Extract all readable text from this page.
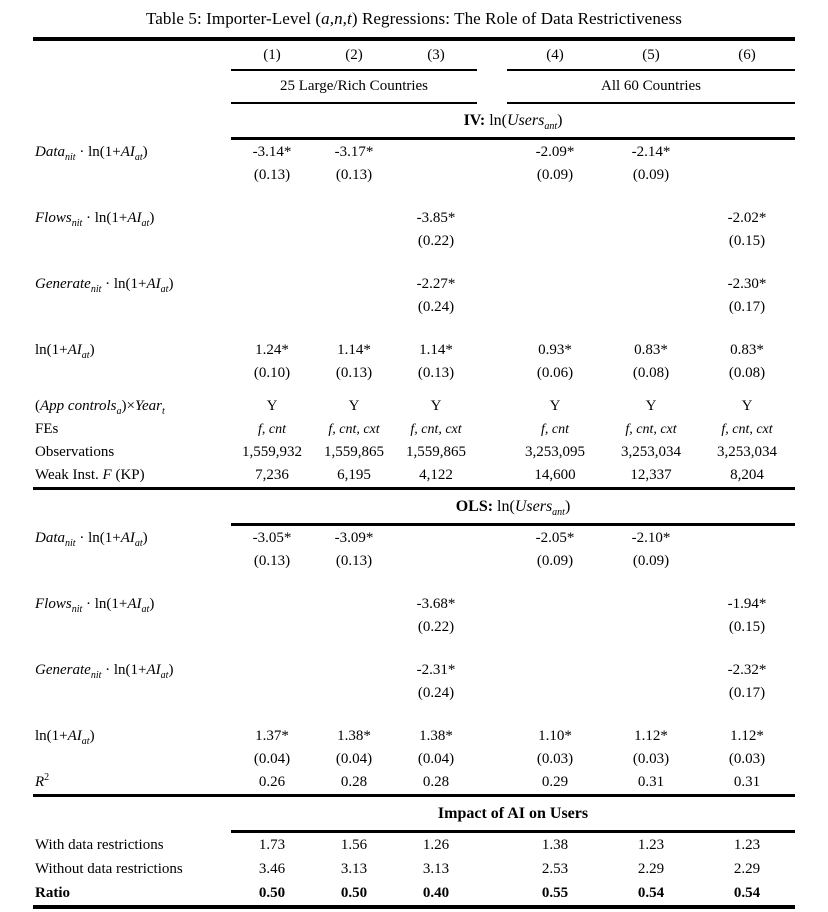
Table 5: Importer-Level (a,n,t) Regressions: The Role of Data Restrictiveness

	(1)	(2)	(3)		(4)	(5)	(6)

	25 Large/Rich Countries				All 60 Countries		

	IV: ln(Users$_{ant}$)						

Data$_{nit}$ · $\ln(1+AI_{at})$	-3.14*	-3.17*			-2.09*	-2.14*	
	(0.13)	(0.13)			(0.09)	(0.09)	

Flows$_{nit}$ · $\ln(1+AI_{at})$			-3.85*				-2.02*
			(0.22)				(0.15)

Generate$_{nit}$ · $\ln(1+AI_{at})$			-2.27*				-2.30*
			(0.24)				(0.17)

$\ln(1+AI_{at})$	1.24*	1.14*	1.14*		0.93*	0.83*	0.83*
	(0.10)	(0.13)	(0.13)		(0.06)	(0.08)	(0.08)

(App controls$_a$)×Year$_t$	Y	Y	Y		Y	Y	Y
FEs	f, cnt	f, cnt, cxt	f, cnt, cxt		f, cnt	f, cnt, cxt	f, cnt, cxt
Observations	1,559,932	1,559,865	1,559,865		3,253,095	3,253,034	3,253,034
Weak Inst. F (KP)	7,236	6,195	4,122		14,600	12,337	8,204

	OLS: ln(Users$_{ant}$)						

Data$_{nit}$ · $\ln(1+AI_{at})$	-3.05*	-3.09*			-2.05*	-2.10*	
	(0.13)	(0.13)			(0.09)	(0.09)	

Flows$_{nit}$ · $\ln(1+AI_{at})$			-3.68*				-1.94*
			(0.22)				(0.15)

Generate$_{nit}$ · $\ln(1+AI_{at})$			-2.31*				-2.32*
			(0.24)				(0.17)

$\ln(1+AI_{at})$	1.37*	1.38*	1.38*		1.10*	1.12*	1.12*
	(0.04)	(0.04)	(0.04)		(0.03)	(0.03)	(0.03)
$R^2$	0.26	0.28	0.28		0.29	0.31	0.31

	Impact of AI on Users						

With data restrictions	1.73	1.56	1.26		1.38	1.23	1.23
Without data restrictions	3.46	3.13	3.13		2.53	2.29	2.29
Ratio	0.50	0.50	0.40		0.55	0.54	0.54
